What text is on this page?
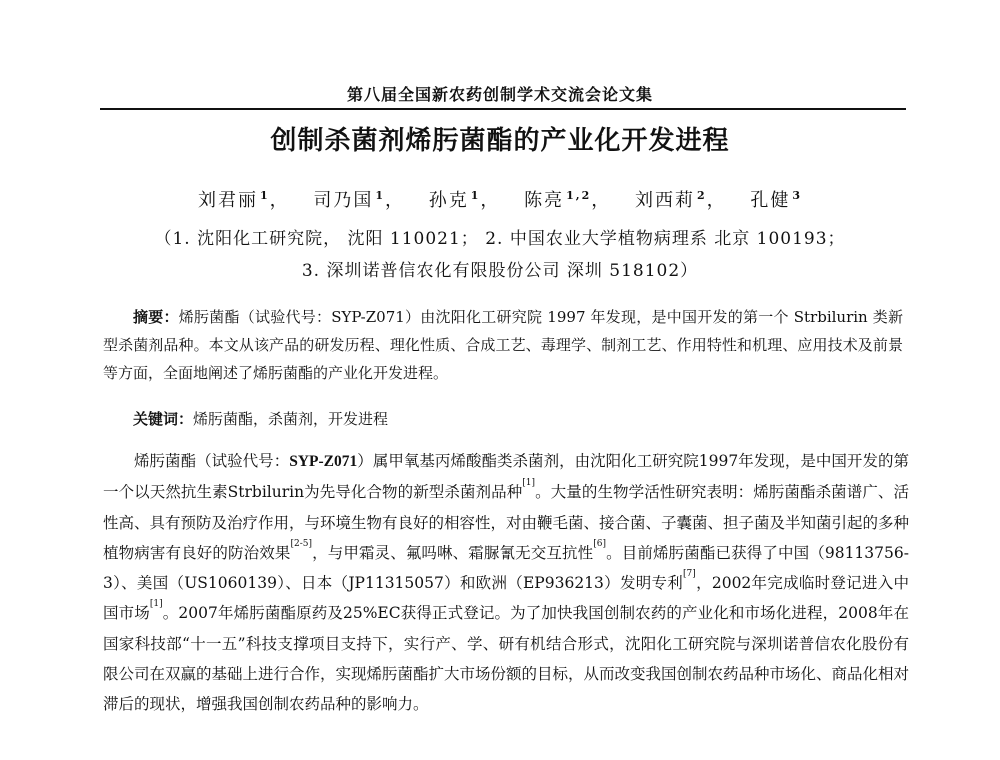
第八届全国新农药创制学术交流会论文集
创制杀菌剂烯肟菌酯的产业化开发进程
刘君丽 $^1$， 司乃国 $^1$， 孙克 $^1$， 陈亮 $^{1,2}$， 刘西莉 $^2$， 孔健 $^3$
（1. 沈阳化工研究院， 沈阳 110021； 2. 中国农业大学植物病理系 北京 100193；
3. 深圳诺普信农化有限股份公司 深圳 518102）
摘要：烯肟菌酯（试验代号：SYP-Z071）由沈阳化工研究院 1997 年发现，是中国开发的第一个 Strbilurin 类新型杀菌剂品种。本文从该产品的研发历程、理化性质、合成工艺、毒理学、制剂工艺、作用特性和机理、应用技术及前景等方面，全面地阐述了烯肟菌酯的产业化开发进程。
关键词：烯肟菌酯，杀菌剂，开发进程
烯肟菌酯（试验代号：SYP-Z071）属甲氧基丙烯酸酯类杀菌剂，由沈阳化工研究院1997年发现，是中国开发的第一个以天然抗生素Strbilurin为先导化合物的新型杀菌剂品种[1]。大量的生物学活性研究表明：烯肟菌酯杀菌谱广、活性高、具有预防及治疗作用，与环境生物有良好的相容性，对由鞭毛菌、接合菌、子囊菌、担子菌及半知菌引起的多种植物病害有良好的防治效果[2-5]，与甲霜灵、氟吗啉、霜脲氰无交互抗性[6]。目前烯肟菌酯已获得了中国（98113756-3）、美国（US1060139）、日本（JP11315057）和欧洲（EP936213）发明专利[7]，2002年完成临时登记进入中国市场[1]。2007年烯肟菌酯原药及25%EC获得正式登记。为了加快我国创制农药的产业化和市场化进程，2008年在国家科技部“十一五”科技支撑项目支持下，实行产、学、研有机结合形式，沈阳化工研究院与深圳诺普信农化股份有限公司在双赢的基础上进行合作，实现烯肟菌酯扩大市场份额的目标，从而改变我国创制农药品种市场化、商品化相对滞后的现状，增强我国创制农药品种的影响力。
